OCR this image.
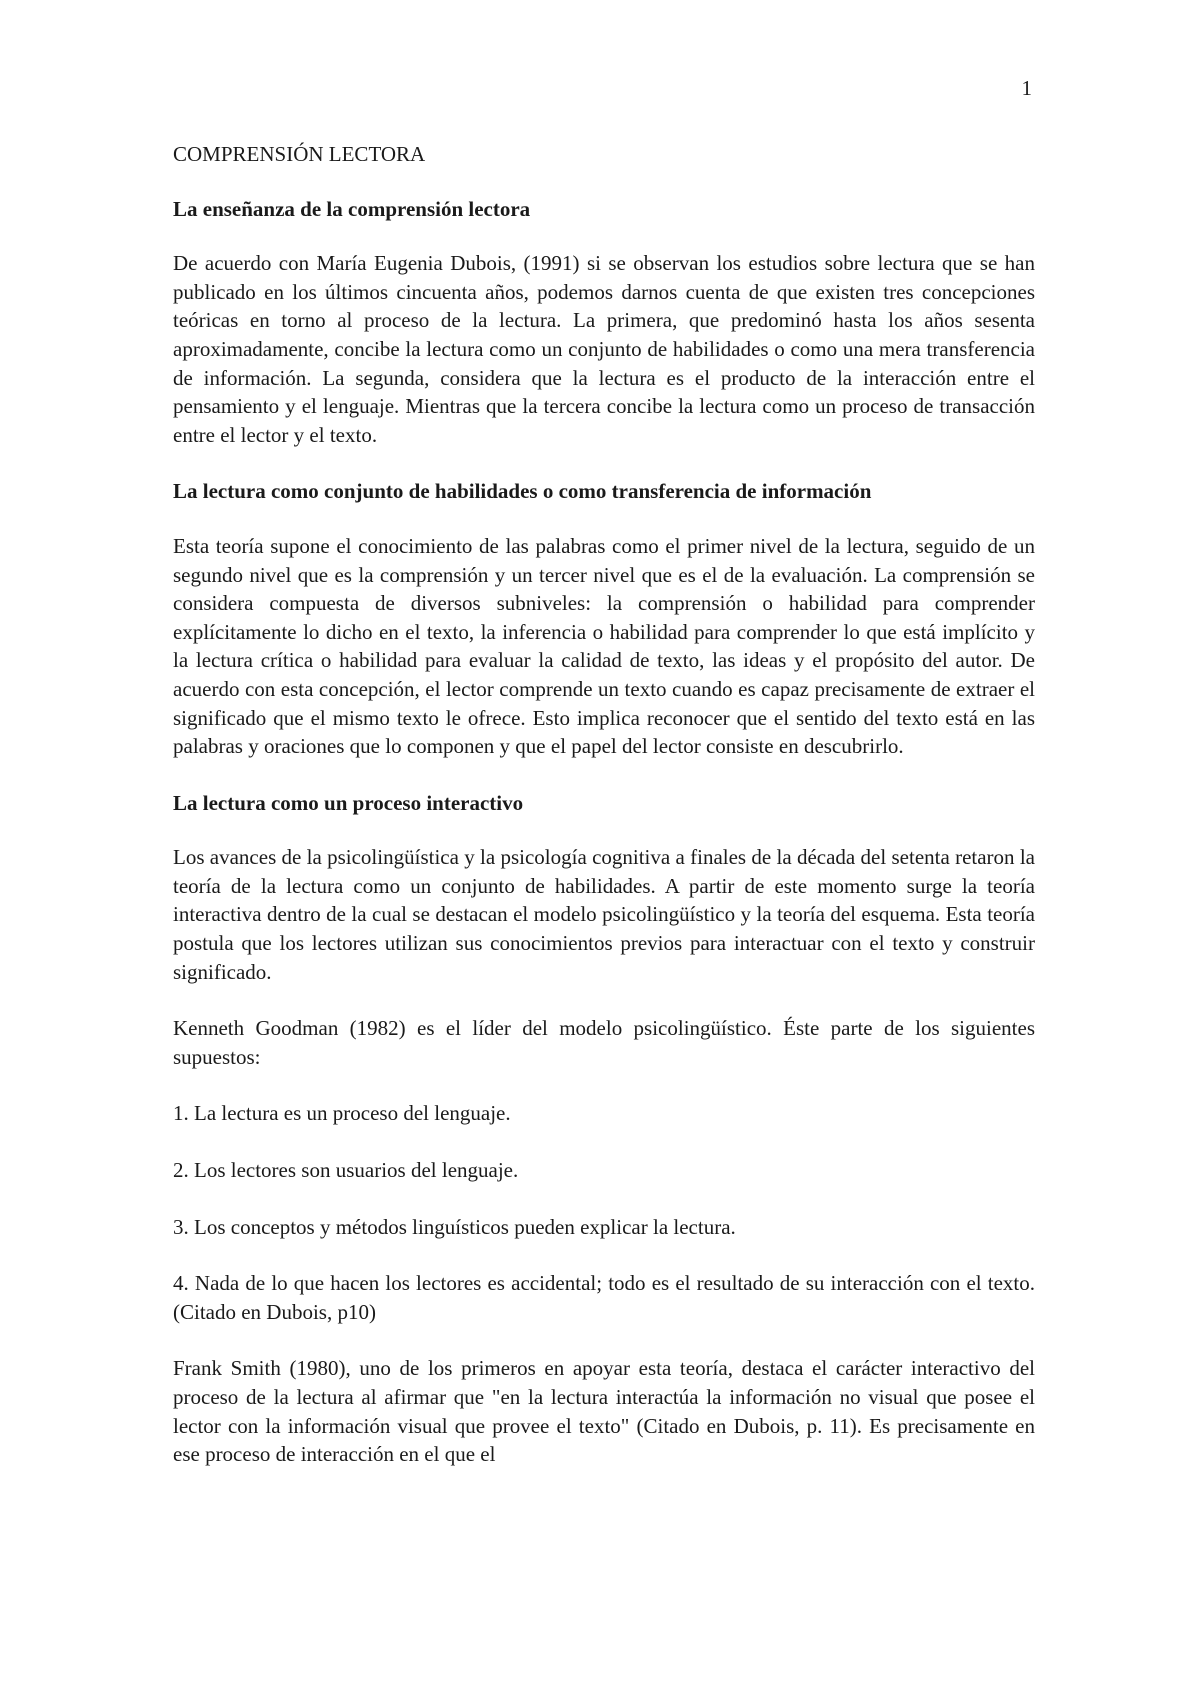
1
COMPRENSIÓN LECTORA
La enseñanza de la comprensión lectora

De acuerdo con María Eugenia Dubois, (1991) si se observan los estudios sobre lectura que se han publicado en los últimos cincuenta años, podemos darnos cuenta de que existen tres concepciones teóricas en torno al proceso de la lectura. La primera, que predominó hasta los años sesenta aproximadamente, concibe la lectura como un conjunto de habilidades o como una mera transferencia de información. La segunda, considera que la lectura es el producto de la interacción entre el pensamiento y el lenguaje. Mientras que la tercera concibe la lectura como un proceso de transacción entre el lector y el texto.

La lectura como conjunto de habilidades o como transferencia de información

Esta teoría supone el conocimiento de las palabras como el primer nivel de la lectura, seguido de un segundo nivel que es la comprensión y un tercer nivel que es el de la evaluación. La comprensión se considera compuesta de diversos subniveles: la comprensión o habilidad para comprender explícitamente lo dicho en el texto, la inferencia o habilidad para comprender lo que está implícito y la lectura crítica o habilidad para evaluar la calidad de texto, las ideas y el propósito del autor. De acuerdo con esta concepción, el lector comprende un texto cuando es capaz precisamente de extraer el significado que el mismo texto le ofrece. Esto implica reconocer que el sentido del texto está en las palabras y oraciones que lo componen y que el papel del lector consiste en descubrirlo.

La lectura como un proceso interactivo

Los avances de la psicolingüística y la psicología cognitiva a finales de la década del setenta retaron la teoría de la lectura como un conjunto de habilidades. A partir de este momento surge la teoría interactiva dentro de la cual se destacan el modelo psicolingüístico y la teoría del esquema. Esta teoría postula que los lectores utilizan sus conocimientos previos para interactuar con el texto y construir significado.

Kenneth Goodman (1982) es el líder del modelo psicolingüístico. Éste parte de los siguientes supuestos:

1. La lectura es un proceso del lenguaje.

2. Los lectores son usuarios del lenguaje.

3. Los conceptos y métodos linguísticos pueden explicar la lectura.

4. Nada de lo que hacen los lectores es accidental; todo es el resultado de su interacción con el texto. (Citado en Dubois, p10)

Frank Smith (1980), uno de los primeros en apoyar esta teoría, destaca el carácter interactivo del proceso de la lectura al afirmar que "en la lectura interactúa la información no visual que posee el lector con la información visual que provee el texto" (Citado en Dubois, p. 11). Es precisamente en ese proceso de interacción en el que el
